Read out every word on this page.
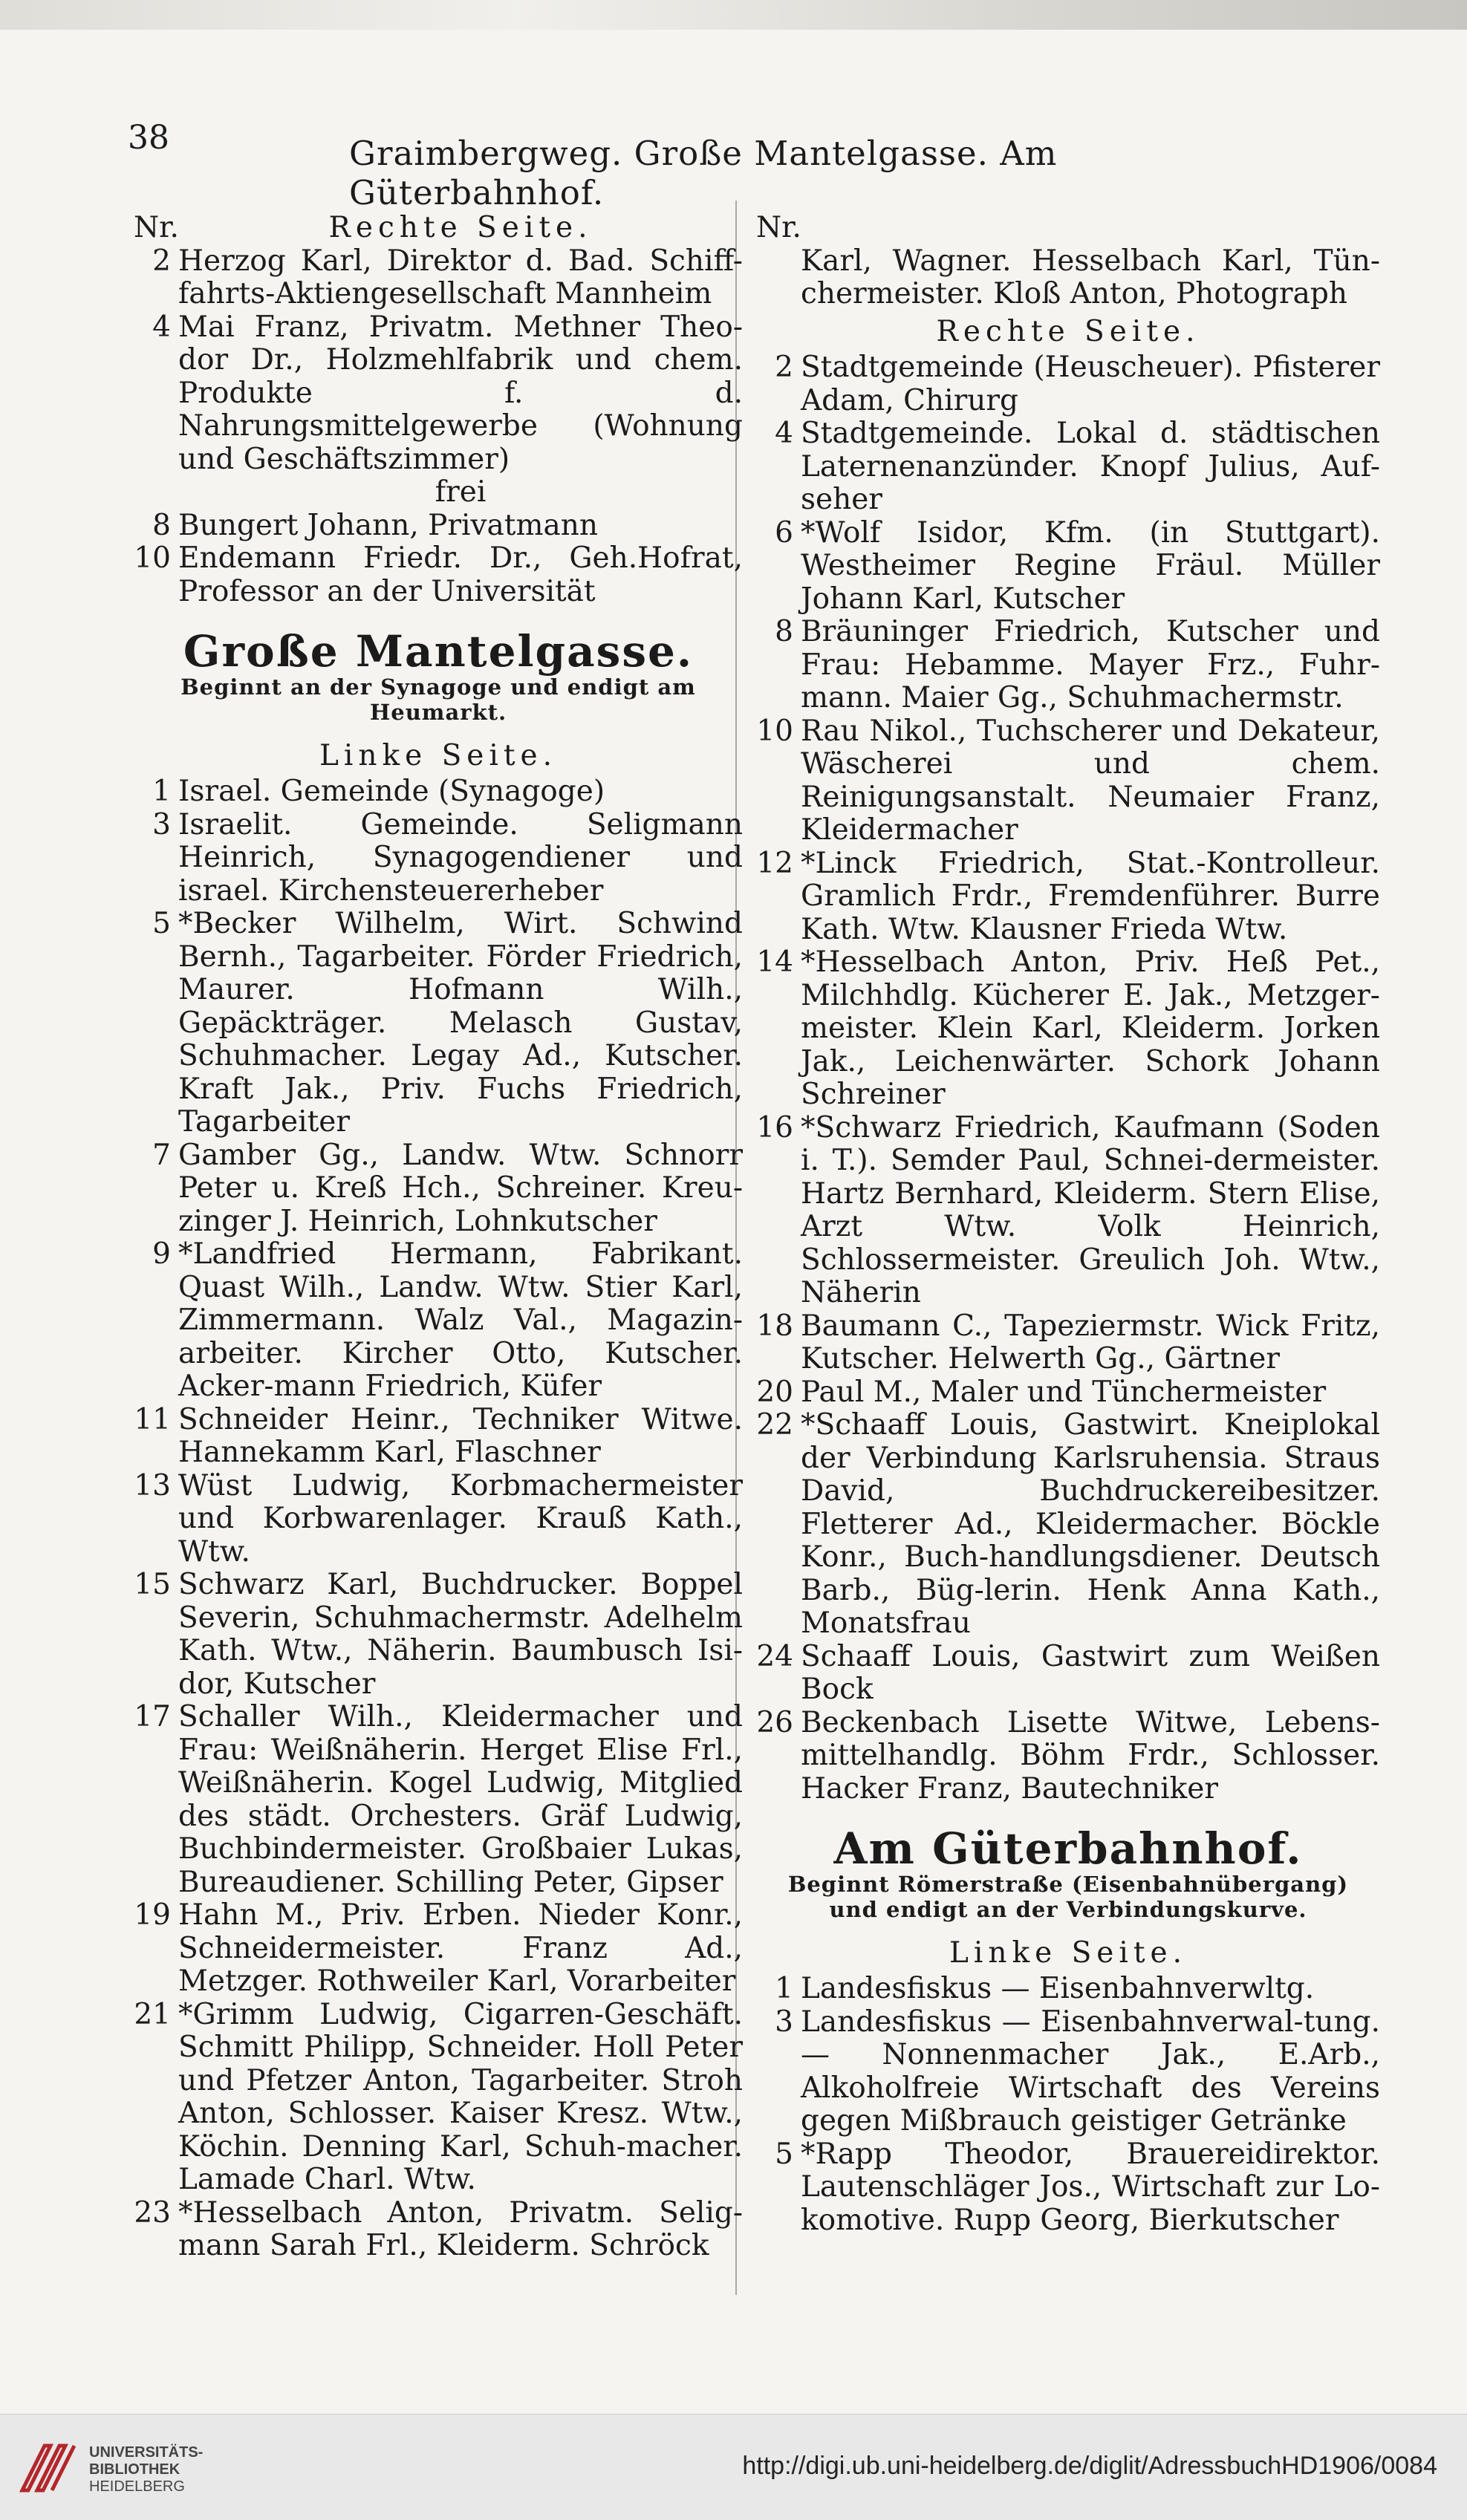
38	Graimbergweg. Große Mantelgasse. Am Güterbahnhof.
Nr.	Rechte Seite.
2 Herzog Karl, Direktor d. Bad. Schiff-fahrts-Aktiengesellschaft Mannheim
4 Mai Franz, Privatm. Methner Theo-dor Dr., Holzmehlfabrik und chem. Produkte f. d. Nahrungsmittelgewerbe (Wohnung und Geschäftszimmer)
frei
8 Bungert Johann, Privatmann
10 Endemann Friedr. Dr., Geh.Hofrat, Professor an der Universität
Große Mantelgasse.
Beginnt an der Synagoge und endigt am Heumarkt.
Linke Seite.
1 Israel. Gemeinde (Synagoge)
3 Israelit. Gemeinde. Seligmann Heinrich, Synagogendiener und israel. Kirchensteuererheber
5 *Becker Wilhelm, Wirt. Schwind Bernh., Tagarbeiter. Förder Friedrich, Maurer. Hofmann Wilh., Gepäckträger. Melasch Gustav, Schuhmacher. Legay Ad., Kutscher. Kraft Jak., Priv. Fuchs Friedrich, Tagarbeiter
7 Gamber Gg., Landw. Wtw. Schnorr Peter u. Kreß Hch., Schreiner. Kreu-zinger J. Heinrich, Lohnkutscher
9 *Landfried Hermann, Fabrikant. Quast Wilh., Landw. Wtw. Stier Karl, Zimmermann. Walz Val., Magazin-arbeiter. Kircher Otto, Kutscher. Acker-mann Friedrich, Küfer
11 Schneider Heinr., Techniker Witwe. Hannekamm Karl, Flaschner
13 Wüst Ludwig, Korbmachermeister und Korbwarenlager. Krauß Kath., Wtw.
15 Schwarz Karl, Buchdrucker. Boppel Severin, Schuhmachermstr. Adelhelm Kath. Wtw., Näherin. Baumbusch Isi-dor, Kutscher
17 Schaller Wilh., Kleidermacher und Frau: Weißnäherin. Herget Elise Frl., Weißnäherin. Kogel Ludwig, Mitglied des städt. Orchesters. Gräf Ludwig, Buchbindermeister. Großbaier Lukas, Bureaudiener. Schilling Peter, Gipser
19 Hahn M., Priv. Erben. Nieder Konr., Schneidermeister. Franz Ad., Metzger. Rothweiler Karl, Vorarbeiter
21 *Grimm Ludwig, Cigarren-Geschäft. Schmitt Philipp, Schneider. Holl Peter und Pfetzer Anton, Tagarbeiter. Stroh Anton, Schlosser. Kaiser Kresz. Wtw., Köchin. Denning Karl, Schuh-macher. Lamade Charl. Wtw.
23 *Hesselbach Anton, Privatm. Selig-mann Sarah Frl., Kleiderm. Schröck
Nr.
Karl, Wagner. Hesselbach Karl, Tün-chermeister. Kloß Anton, Photograph
Rechte Seite.
2 Stadtgemeinde (Heuscheuer). Pfisterer Adam, Chirurg
4 Stadtgemeinde. Lokal d. städtischen Laternenanzünder. Knopf Julius, Auf-seher
6 *Wolf Isidor, Kfm. (in Stuttgart). Westheimer Regine Fräul. Müller Johann Karl, Kutscher
8 Bräuninger Friedrich, Kutscher und Frau: Hebamme. Mayer Frz., Fuhr-mann. Maier Gg., Schuhmachermstr.
10 Rau Nikol., Tuchscherer und Dekateur, Wäscherei und chem. Reinigungsanstalt. Neumaier Franz, Kleidermacher
12 *Linck Friedrich, Stat.-Kontrolleur. Gramlich Frdr., Fremdenführer. Burre Kath. Wtw. Klausner Frieda Wtw.
14 *Hesselbach Anton, Priv. Heß Pet., Milchhdlg. Kücherer E. Jak., Metzger-meister. Klein Karl, Kleiderm. Jorken Jak., Leichenwärter. Schork Johann Schreiner
16 *Schwarz Friedrich, Kaufmann (Soden i. T.). Semder Paul, Schnei-dermeister. Hartz Bernhard, Kleiderm. Stern Elise, Arzt Wtw. Volk Heinrich, Schlossermeister. Greulich Joh. Wtw., Näherin
18 Baumann C., Tapeziermstr. Wick Fritz, Kutscher. Helwerth Gg., Gärtner
20 Paul M., Maler und Tünchermeister
22 *Schaaff Louis, Gastwirt. Kneiplokal der Verbindung Karlsruhensia. Straus David, Buchdruckereibesitzer. Fletterer Ad., Kleidermacher. Böckle Konr., Buch-handlungsdiener. Deutsch Barb., Büg-lerin. Henk Anna Kath., Monatsfrau
24 Schaaff Louis, Gastwirt zum Weißen Bock
26 Beckenbach Lisette Witwe, Lebens-mittelhandlg. Böhm Frdr., Schlosser. Hacker Franz, Bautechniker
Am Güterbahnhof.
Beginnt Römerstraße (Eisenbahnübergang) und endigt an der Verbindungskurve.
Linke Seite.
1 Landesfiskus — Eisenbahnverwltg.
3 Landesfiskus — Eisenbahnverwal-tung. — Nonnenmacher Jak., E.Arb., Alkoholfreie Wirtschaft des Vereins gegen Mißbrauch geistiger Getränke
5 *Rapp Theodor, Brauereidirektor. Lautenschläger Jos., Wirtschaft zur Lo-komotive. Rupp Georg, Bierkutscher
UNIVERSITÄTS-
BIBLIOTHEK
HEIDELBERG
http://digi.ub.uni-heidelberg.de/diglit/AdressbuchHD1906/0084
